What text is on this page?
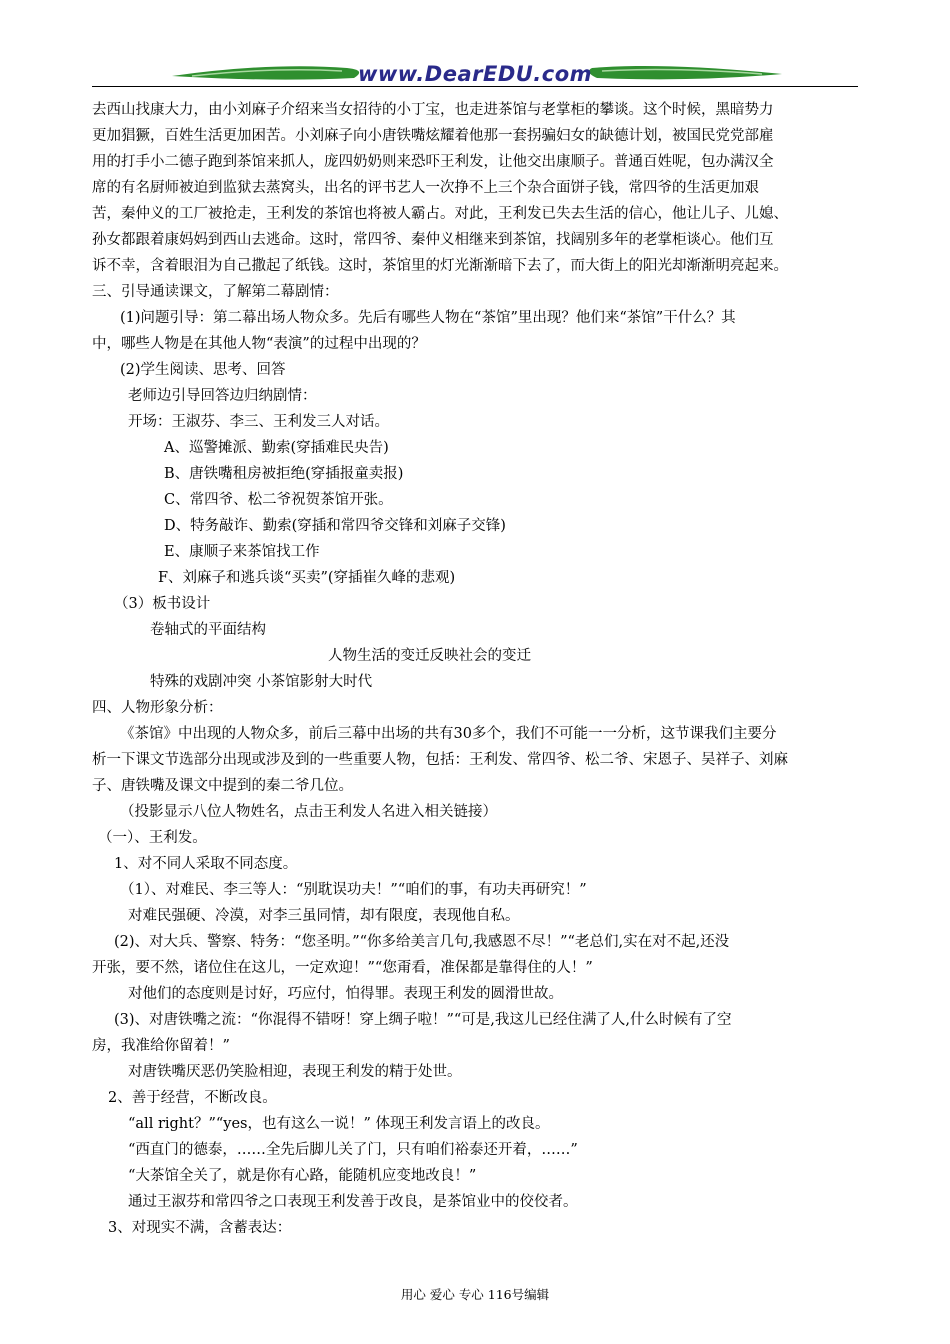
www.DearEDU.com
去西山找康大力，由小刘麻子介绍来当女招待的小丁宝，也走进茶馆与老掌柜的攀谈。这个时候，黑暗势力
更加猖獗，百姓生活更加困苦。小刘麻子向小唐铁嘴炫耀着他那一套拐骗妇女的缺德计划，被国民党党部雇
用的打手小二德子跑到茶馆来抓人，庞四奶奶则来恐吓王利发，让他交出康顺子。普通百姓呢，包办满汉全
席的有名厨师被迫到监狱去蒸窝头，出名的评书艺人一次挣不上三个杂合面饼子钱，常四爷的生活更加艰
苦，秦仲义的工厂被抢走，王利发的茶馆也将被人霸占。对此，王利发已失去生活的信心，他让儿子、儿媳、
孙女都跟着康妈妈到西山去逃命。这时，常四爷、秦仲义相继来到茶馆，找阔别多年的老掌柜谈心。他们互
诉不幸，含着眼泪为自己撒起了纸钱。这时，茶馆里的灯光渐渐暗下去了，而大街上的阳光却渐渐明亮起来。
三、引导通读课文，了解第二幕剧情：
(1)问题引导：第二幕出场人物众多。先后有哪些人物在“茶馆”里出现？他们来“茶馆”干什么？其
中，哪些人物是在其他人物“表演”的过程中出现的？
(2)学生阅读、思考、回答
老师边引导回答边归纳剧情：
开场：王淑芬、李三、王利发三人对话。
A、巡警摊派、勤索(穿插难民央告)
B、唐铁嘴租房被拒绝(穿插报童卖报)
C、常四爷、松二爷祝贺茶馆开张。
D、特务敲诈、勤索(穿插和常四爷交锋和刘麻子交锋)
E、康顺子来茶馆找工作
F、刘麻子和逃兵谈“买卖”(穿插崔久峰的悲观)
（3）板书设计
卷轴式的平面结构
人物生活的变迁反映社会的变迁
特殊的戏剧冲突 小茶馆影射大时代
四、人物形象分析：
《茶馆》中出现的人物众多，前后三幕中出场的共有30多个，我们不可能一一分析，这节课我们主要分
析一下课文节选部分出现或涉及到的一些重要人物，包括：王利发、常四爷、松二爷、宋恩子、吴祥子、刘麻
子、唐铁嘴及课文中提到的秦二爷几位。
（投影显示八位人物姓名，点击王利发人名进入相关链接）
（一）、王利发。
1、对不同人采取不同态度。
（1）、对难民、李三等人：“别耽误功夫！”“咱们的事，有功夫再研究！”
对难民强硬、冷漠，对李三虽同情，却有限度，表现他自私。
(2)、对大兵、警察、特务：“您圣明。”“你多给美言几句,我感恩不尽！”“老总们,实在对不起,还没
开张，要不然，诸位住在这儿，一定欢迎！”“您甭看，准保都是靠得住的人！”
对他们的态度则是讨好，巧应付，怕得罪。表现王利发的圆滑世故。
(3)、对唐铁嘴之流：“你混得不错呀！穿上绸子啦！”“可是,我这儿已经住满了人,什么时候有了空
房，我准给你留着！”
对唐铁嘴厌恶仍笑脸相迎，表现王利发的精于处世。
2、善于经营，不断改良。
“all right？”“yes，也有这么一说！” 体现王利发言语上的改良。
“西直门的德泰，……全先后脚儿关了门，只有咱们裕泰还开着，……”
“大茶馆全关了，就是你有心路，能随机应变地改良！”
通过王淑芬和常四爷之口表现王利发善于改良，是茶馆业中的佼佼者。
3、对现实不满，含蓄表达：
用心 爱心 专心 116号编辑
